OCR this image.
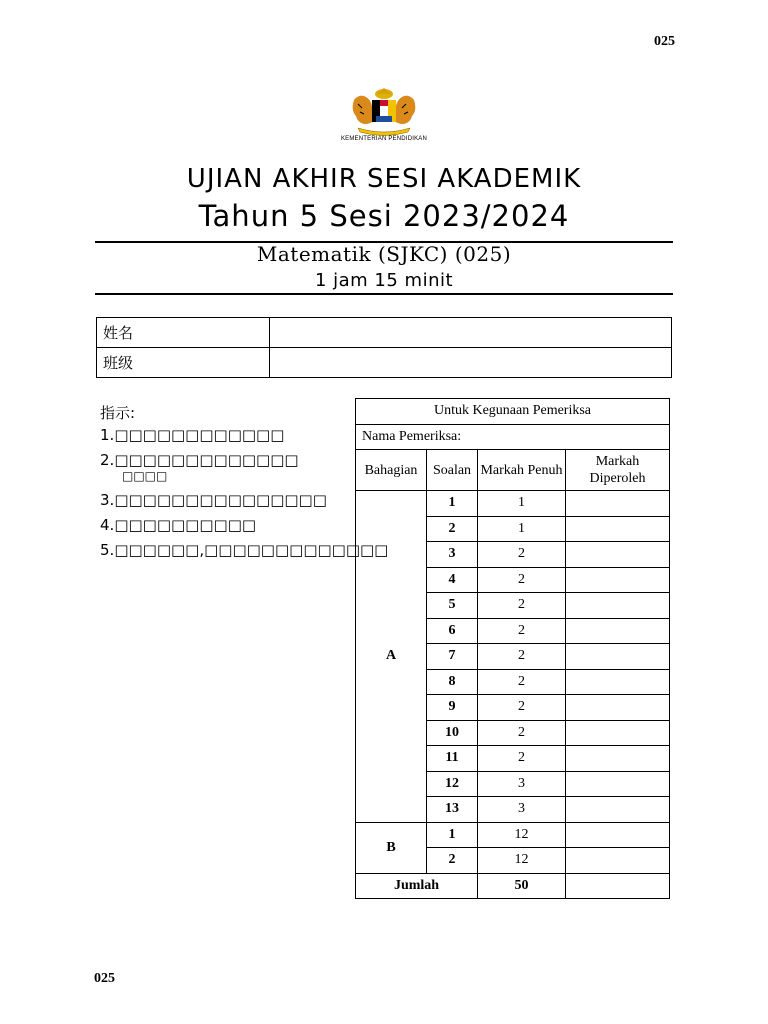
025
KEMENTERIAN PENDIDIKAN
UJIAN AKHIR SESI AKADEMIK
Tahun 5 Sesi 2023/2024
Matematik (SJKC) (025)
1 jam 15 minit
姓名	
班级	
指示:
1.□□□□□□□□□□□□
2.□□□□□□□□□□□□□
□□□□
3.□□□□□□□□□□□□□□□
4.□□□□□□□□□□
5.□□□□□□,□□□□□□□□□□□□□
Untuk Kegunaan Pemeriksa			
Nama Pemeriksa:			
Bahagian	Soalan	Markah Penuh	Markah Diperoleh
A	1	1	
	2	1	
	3	2	
	4	2	
	5	2	
	6	2	
	7	2	
	8	2	
	9	2	
	10	2	
	11	2	
	12	3	
	13	3	
B	1	12	
	2	12	
Jumlah		50	
025
